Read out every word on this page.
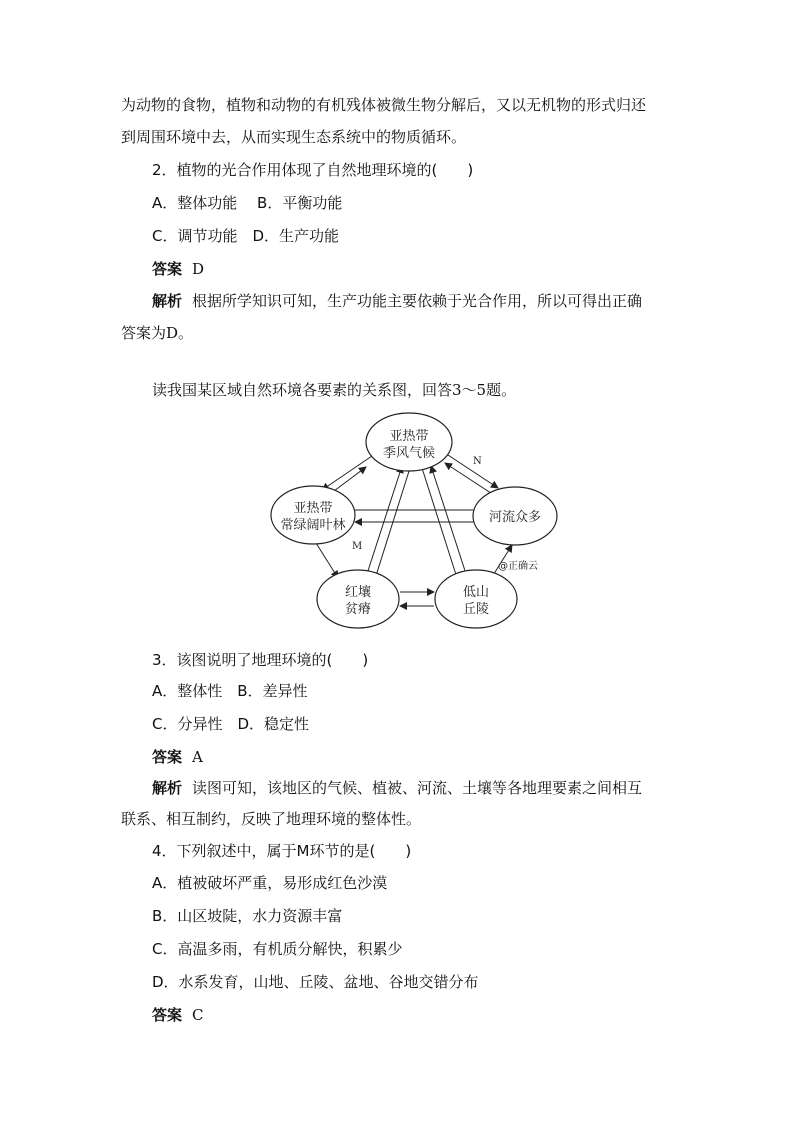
为动物的食物，植物和动物的有机残体被微生物分解后，又以无机物的形式归还
到周围环境中去，从而实现生态系统中的物质循环。
2．植物的光合作用体现了自然地理环境的(　　)
A．整体功能　 B．平衡功能
C．调节功能　D．生产功能
答案 D
解析 根据所学知识可知，生产功能主要依赖于光合作用，所以可得出正确
答案为D。
读我国某区域自然环境各要素的关系图，回答3～5题。
亚热带
季风气候
亚热带
常绿阔叶林
河流众多
红壤
贫瘠
低山
丘陵
N
M
@正确云
3．该图说明了地理环境的(　　)
A．整体性　B．差异性
C．分异性　D．稳定性
答案 A
解析 读图可知，该地区的气候、植被、河流、土壤等各地理要素之间相互
联系、相互制约，反映了地理环境的整体性。
4．下列叙述中，属于M环节的是(　　)
A．植被破坏严重，易形成红色沙漠
B．山区坡陡，水力资源丰富
C．高温多雨，有机质分解快，积累少
D．水系发育，山地、丘陵、盆地、谷地交错分布
答案 C
